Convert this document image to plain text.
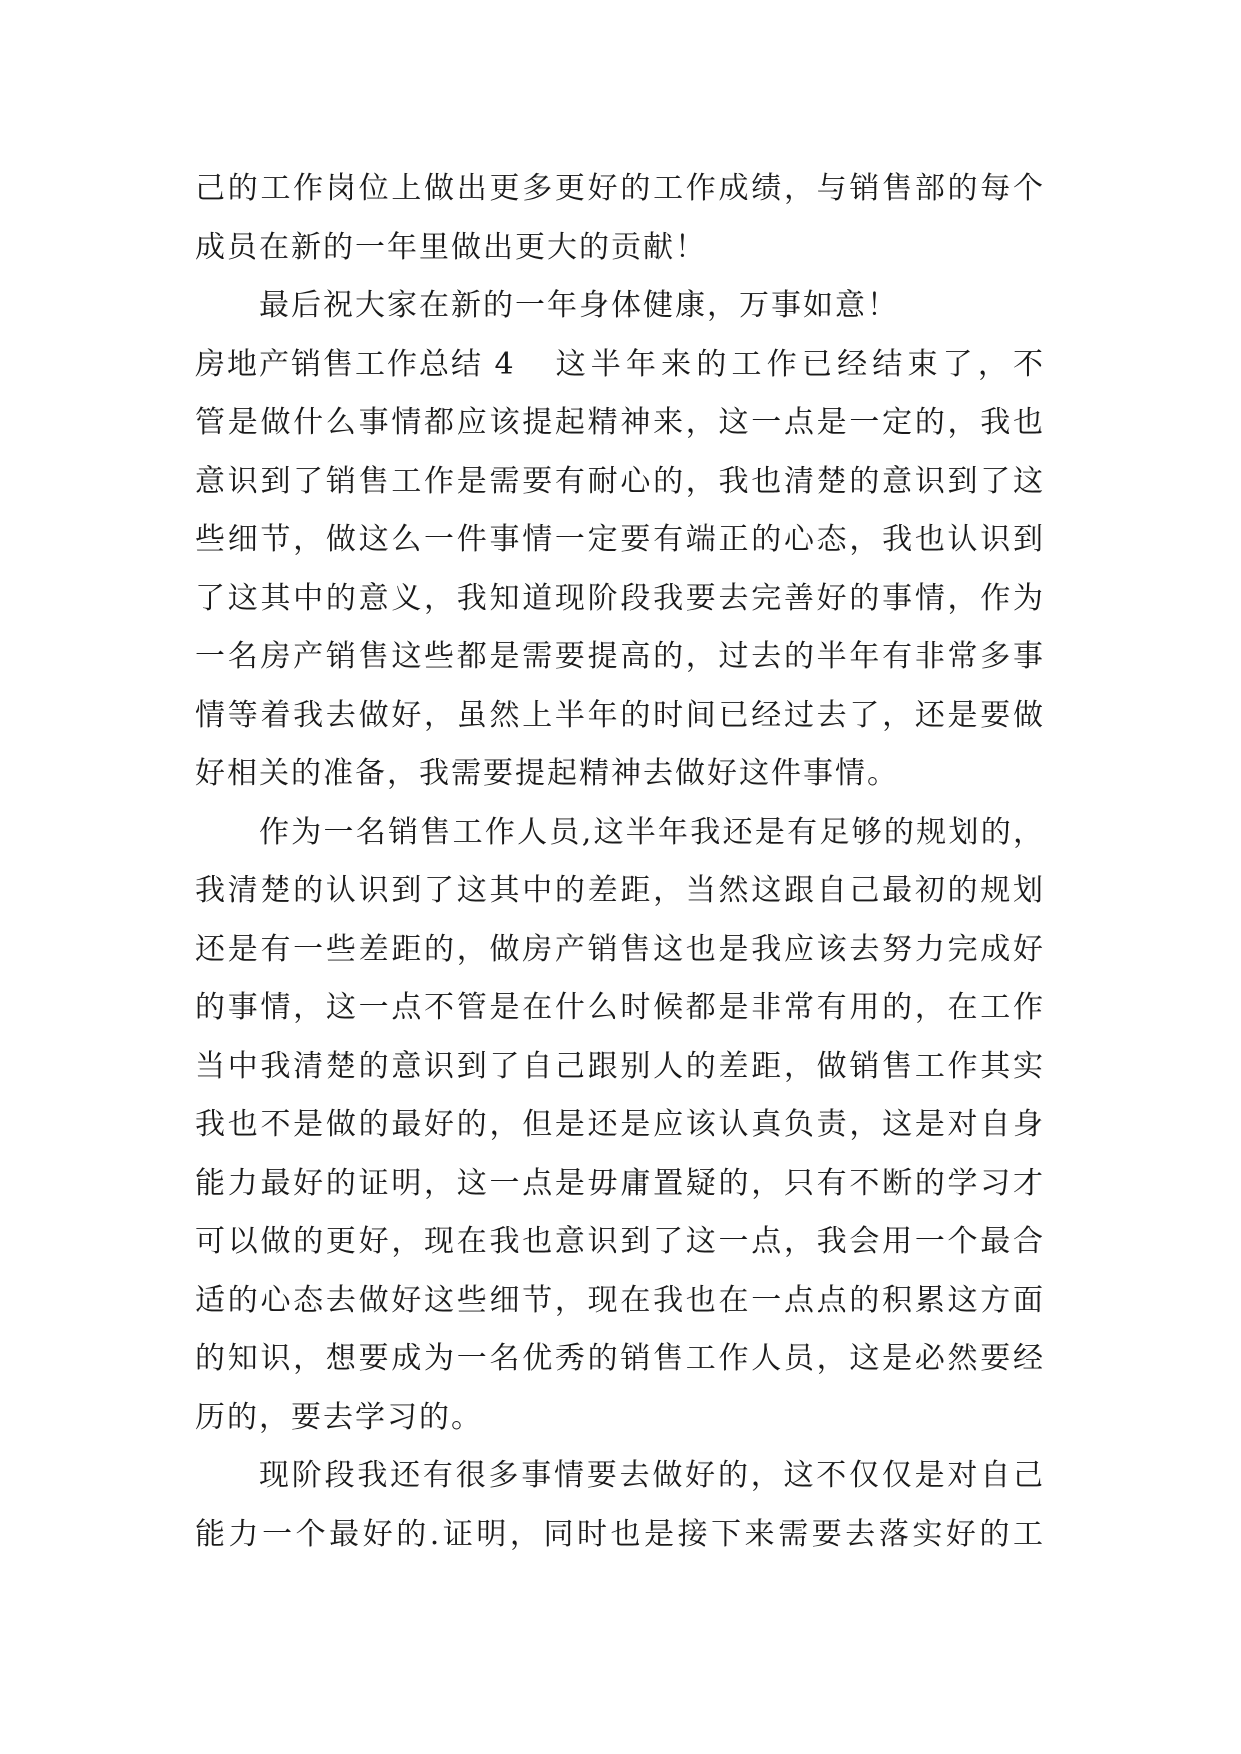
己的工作岗位上做出更多更好的工作成绩，与销售部的每个
成员在新的一年里做出更大的贡献！
最后祝大家在新的一年身体健康，万事如意！
房地产销售工作总结 4	这半年来的工作已经结束了，不
管是做什么事情都应该提起精神来，这一点是一定的，我也
意识到了销售工作是需要有耐心的，我也清楚的意识到了这
些细节，做这么一件事情一定要有端正的心态，我也认识到
了这其中的意义，我知道现阶段我要去完善好的事情，作为
一名房产销售这些都是需要提高的，过去的半年有非常多事
情等着我去做好，虽然上半年的时间已经过去了，还是要做
好相关的准备，我需要提起精神去做好这件事情。
作为一名销售工作人员,这半年我还是有足够的规划的，
我清楚的认识到了这其中的差距，当然这跟自己最初的规划
还是有一些差距的，做房产销售这也是我应该去努力完成好
的事情，这一点不管是在什么时候都是非常有用的，在工作
当中我清楚的意识到了自己跟别人的差距，做销售工作其实
我也不是做的最好的，但是还是应该认真负责，这是对自身
能力最好的证明，这一点是毋庸置疑的，只有不断的学习才
可以做的更好，现在我也意识到了这一点，我会用一个最合
适的心态去做好这些细节，现在我也在一点点的积累这方面
的知识，想要成为一名优秀的销售工作人员，这是必然要经
历的，要去学习的。
现阶段我还有很多事情要去做好的，这不仅仅是对自己
能力一个最好的.证明，同时也是接下来需要去落实好的工
